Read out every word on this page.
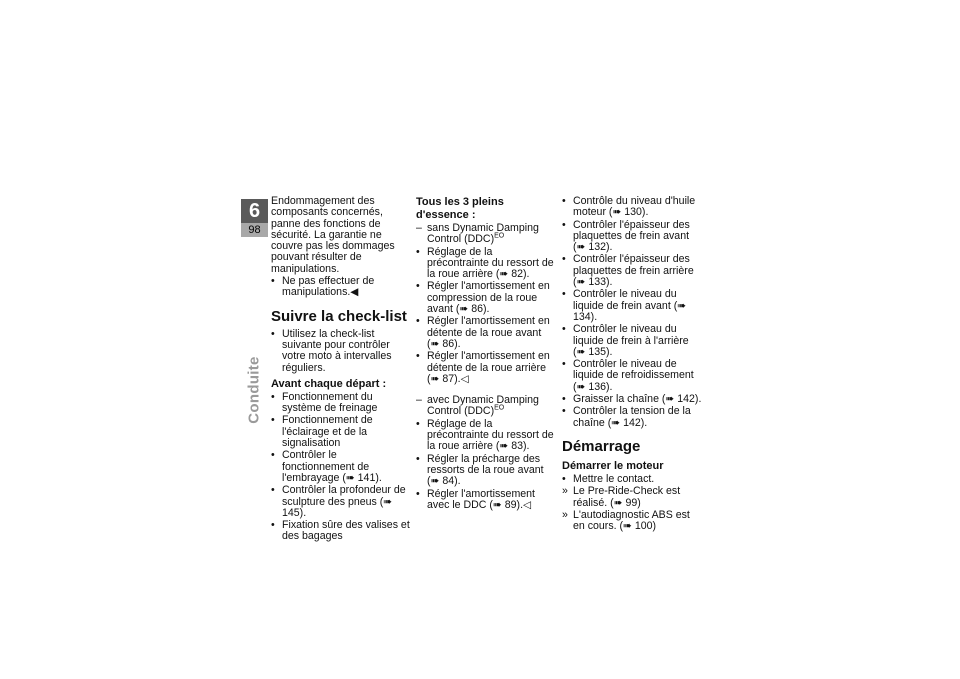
6
98
Conduite

Endommagement des composants concernés, panne des fonctions de sécurité. La garantie ne couvre pas les dommages pouvant résulter de manipulations.

• Ne pas effectuer de manipulations.◀
Suivre la check-list
• Utilisez la check-list suivante pour contrôler votre moto à intervalles réguliers.
Avant chaque départ :
• Fonctionnement du système de freinage
• Fonctionnement de l'éclairage et de la signalisation
• Contrôler le fonctionnement de l'embrayage (➠ 141).
• Contrôler la profondeur de sculpture des pneus (➠ 145).
• Fixation sûre des valises et des bagages
Tous les 3 pleins d'essence :
– sans Dynamic Damping Control (DDC)$^{EO}$
• Réglage de la précontrainte du ressort de la roue arrière (➠ 82).
• Régler l'amortissement en compression de la roue avant (➠ 86).
• Régler l'amortissement en détente de la roue avant (➠ 86).
• Régler l'amortissement en détente de la roue arrière (➠ 87).◁
– avec Dynamic Damping Control (DDC)$^{EO}$
• Réglage de la précontrainte du ressort de la roue arrière (➠ 83).
• Régler la précharge des ressorts de la roue avant (➠ 84).
• Régler l'amortissement avec le DDC (➠ 89).◁
• Contrôle du niveau d'huile moteur (➠ 130).
• Contrôler l'épaisseur des plaquettes de frein avant (➠ 132).
• Contrôler l'épaisseur des plaquettes de frein arrière (➠ 133).
• Contrôler le niveau du liquide de frein avant (➠ 134).
• Contrôler le niveau du liquide de frein à l'arrière (➠ 135).
• Contrôler le niveau de liquide de refroidissement (➠ 136).
• Graisser la chaîne (➠ 142).
• Contrôler la tension de la chaîne (➠ 142).
Démarrage
Démarrer le moteur
• Mettre le contact.
» Le Pre-Ride-Check est réalisé. (➠ 99)
» L'autodiagnostic ABS est en cours. (➠ 100)
